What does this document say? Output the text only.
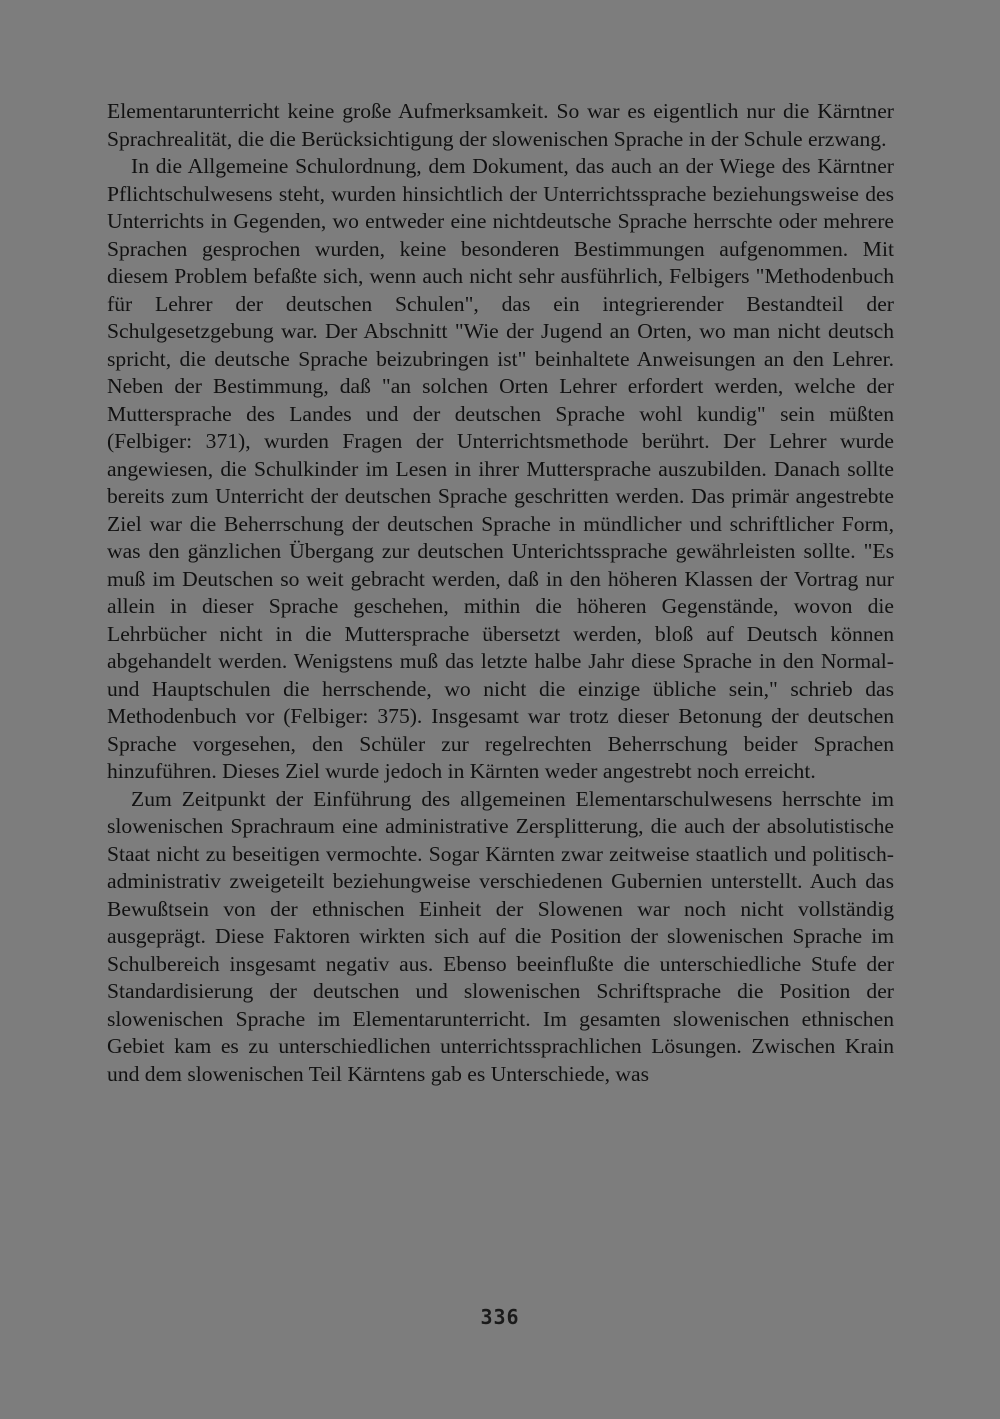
Elementarunterricht keine große Aufmerksamkeit. So war es eigentlich nur die Kärntner Sprachrealität, die die Berücksichtigung der slowenischen Sprache in der Schule erzwang.

In die Allgemeine Schulordnung, dem Dokument, das auch an der Wiege des Kärntner Pflichtschulwesens steht, wurden hinsichtlich der Unterrichtssprache beziehungsweise des Unterrichts in Gegenden, wo entweder eine nichtdeutsche Sprache herrschte oder mehrere Sprachen gesprochen wurden, keine besonderen Bestimmungen aufgenommen. Mit diesem Problem befaßte sich, wenn auch nicht sehr ausführlich, Felbigers "Methodenbuch für Lehrer der deutschen Schulen", das ein integrierender Bestandteil der Schulgesetzgebung war. Der Abschnitt "Wie der Jugend an Orten, wo man nicht deutsch spricht, die deutsche Sprache beizubringen ist" beinhaltete Anweisungen an den Lehrer. Neben der Bestimmung, daß "an solchen Orten Lehrer erfordert werden, welche der Muttersprache des Landes und der deutschen Sprache wohl kundig" sein müßten (Felbiger: 371), wurden Fragen der Unterrichtsmethode berührt. Der Lehrer wurde angewiesen, die Schulkinder im Lesen in ihrer Muttersprache auszubilden. Danach sollte bereits zum Unterricht der deutschen Sprache geschritten werden. Das primär angestrebte Ziel war die Beherrschung der deutschen Sprache in mündlicher und schriftlicher Form, was den gänzlichen Übergang zur deutschen Unterichtssprache gewährleisten sollte. "Es muß im Deutschen so weit gebracht werden, daß in den höheren Klassen der Vortrag nur allein in dieser Sprache geschehen, mithin die höheren Gegenstände, wovon die Lehrbücher nicht in die Muttersprache übersetzt werden, bloß auf Deutsch können abgehandelt werden. Wenigstens muß das letzte halbe Jahr diese Sprache in den Normal- und Hauptschulen die herrschende, wo nicht die einzige übliche sein," schrieb das Methodenbuch vor (Felbiger: 375). Insgesamt war trotz dieser Betonung der deutschen Sprache vorgesehen, den Schüler zur regelrechten Beherrschung beider Sprachen hinzuführen. Dieses Ziel wurde jedoch in Kärnten weder angestrebt noch erreicht.

Zum Zeitpunkt der Einführung des allgemeinen Elementarschulwesens herrschte im slowenischen Sprachraum eine administrative Zersplitterung, die auch der absolutistische Staat nicht zu beseitigen vermochte. Sogar Kärnten zwar zeitweise staatlich und politisch-administrativ zweigeteilt beziehungweise verschiedenen Gubernien unterstellt. Auch das Bewußtsein von der ethnischen Einheit der Slowenen war noch nicht vollständig ausgeprägt. Diese Faktoren wirkten sich auf die Position der slowenischen Sprache im Schulbereich insgesamt negativ aus. Ebenso beeinflußte die unterschiedliche Stufe der Standardisierung der deutschen und slowenischen Schriftsprache die Position der slowenischen Sprache im Elementarunterricht. Im gesamten slowenischen ethnischen Gebiet kam es zu unterschiedlichen unterrichtssprachlichen Lösungen. Zwischen Krain und dem slowenischen Teil Kärntens gab es Unterschiede, was

336
